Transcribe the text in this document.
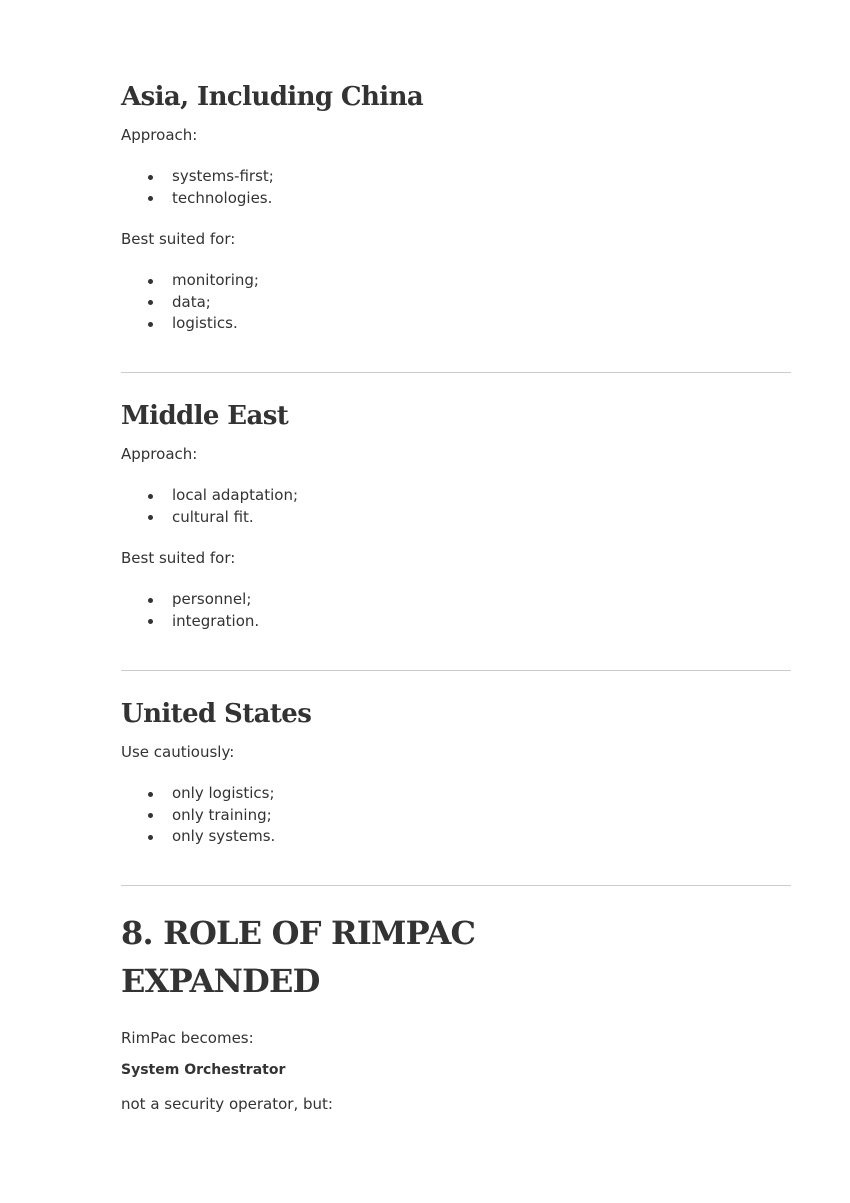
Asia, Including China

Approach:

systems-first;
technologies.

Best suited for:

monitoring;
data;
logistics.
Middle East

Approach:

local adaptation;
cultural fit.

Best suited for:

personnel;
integration.
United States

Use cautiously:

only logistics;
only training;
only systems.
8. ROLE OF RIMPAC
EXPANDED

RimPac becomes:

System Orchestrator

not a security operator, but:
